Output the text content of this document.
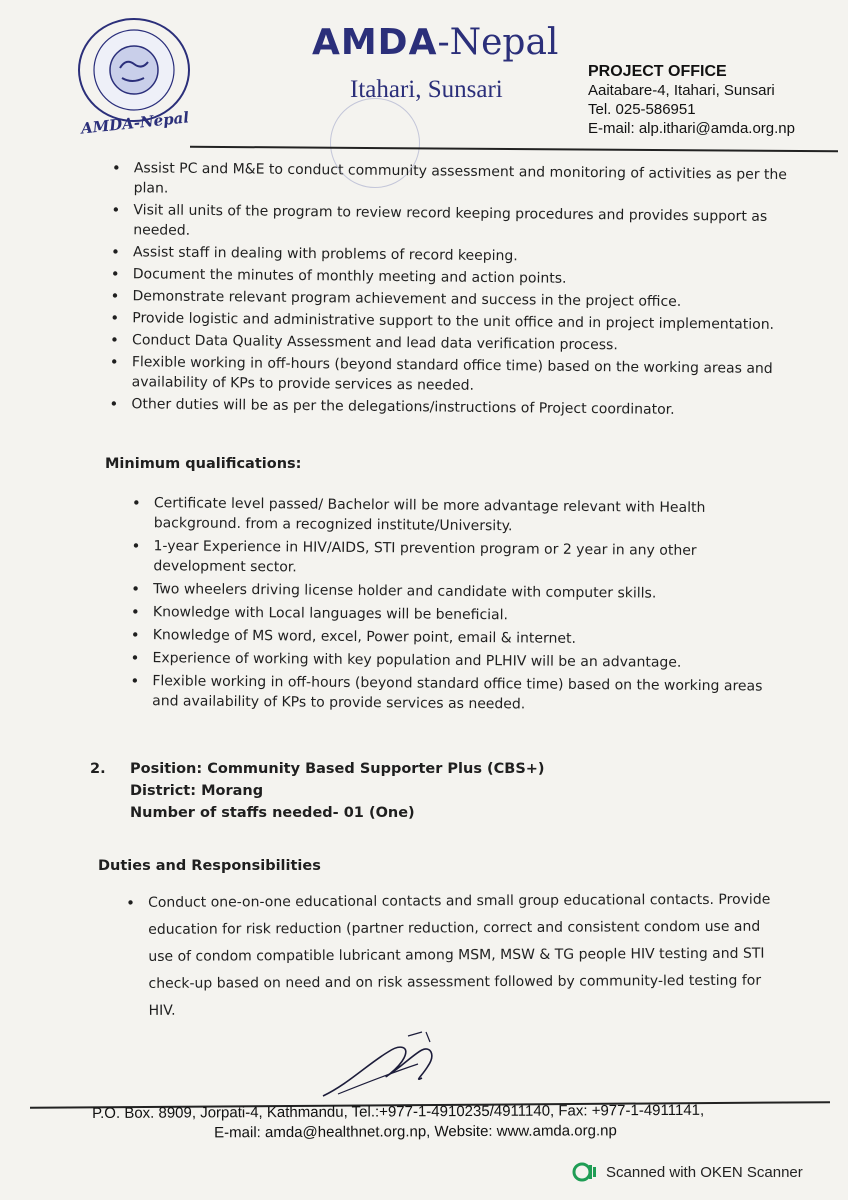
AMDA-Nepal
AMDA-Nepal
Itahari, Sunsari
PROJECT OFFICE
Aaitabare-4, Itahari, Sunsari
Tel. 025-586951
E-mail: alp.ithari@amda.org.np
• Assist PC and M&E to conduct community assessment and monitoring of activities as per the plan.
• Visit all units of the program to review record keeping procedures and provides support as needed.
• Assist staff in dealing with problems of record keeping.
• Document the minutes of monthly meeting and action points.
• Demonstrate relevant program achievement and success in the project office.
• Provide logistic and administrative support to the unit office and in project implementation.
• Conduct Data Quality Assessment and lead data verification process.
• Flexible working in off-hours (beyond standard office time) based on the working areas and availability of KPs to provide services as needed.
• Other duties will be as per the delegations/instructions of Project coordinator.
Minimum qualifications:
• Certificate level passed/ Bachelor will be more advantage relevant with Health background. from a recognized institute/University.
• 1-year Experience in HIV/AIDS, STI prevention program or 2 year in any other development sector.
• Two wheelers driving license holder and candidate with computer skills.
• Knowledge with Local languages will be beneficial.
• Knowledge of MS word, excel, Power point, email & internet.
• Experience of working with key population and PLHIV will be an advantage.
• Flexible working in off-hours (beyond standard office time) based on the working areas and availability of KPs to provide services as needed.
2.	Position: Community Based Supporter Plus (CBS+)
District: Morang
Number of staffs needed- 01 (One)
Duties and Responsibilities
• Conduct one-on-one educational contacts and small group educational contacts. Provide education for risk reduction (partner reduction, correct and consistent condom use and use of condom compatible lubricant among MSM, MSW & TG people HIV testing and STI check-up based on need and on risk assessment followed by community-led testing for HIV.
P.O. Box. 8909, Jorpati-4, Kathmandu, Tel.:+977-1-4910235/4911140, Fax: +977-1-4911141,
E-mail: amda@healthnet.org.np, Website: www.amda.org.np
Scanned with OKEN Scanner
